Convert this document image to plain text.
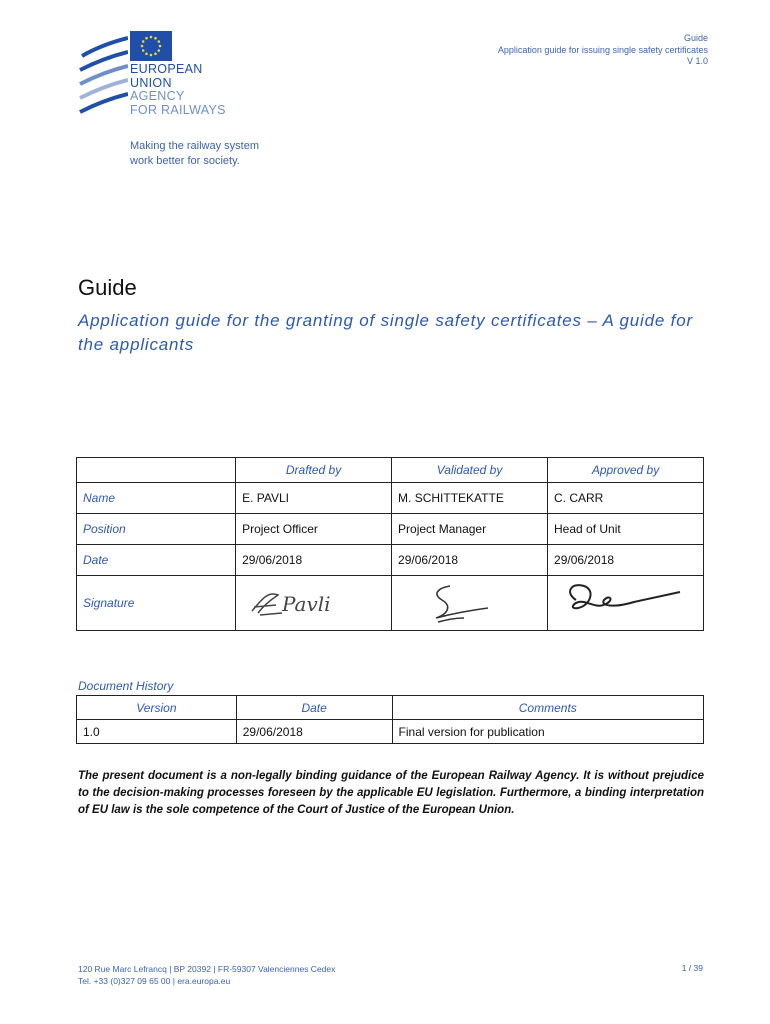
EUROPEAN
UNION
AGENCY
FOR RAILWAYS
Making the railway system
work better for society.
Guide
Application guide for issuing single safety certificates
V 1.0
Guide
Application guide for the granting of single safety certificates – A guide for the applicants
	Drafted by	Validated by	Approved by
Name	E. PAVLI	M. SCHITTEKATTE	C. CARR
Position	Project Officer	Project Manager	Head of Unit
Date	29/06/2018	29/06/2018	29/06/2018
Signature	Pavli

Document History
Version	Date	Comments
1.0	29/06/2018	Final version for publication
The present document is a non-legally binding guidance of the European Railway Agency. It is without prejudice to the decision-making processes foreseen by the applicable EU legislation. Furthermore, a binding interpretation of EU law is the sole competence of the Court of Justice of the European Union.
120 Rue Marc Lefrancq | BP 20392 | FR-59307 Valenciennes Cedex
Tel. +33 (0)327 09 65 00 | era.europa.eu
1 / 39
